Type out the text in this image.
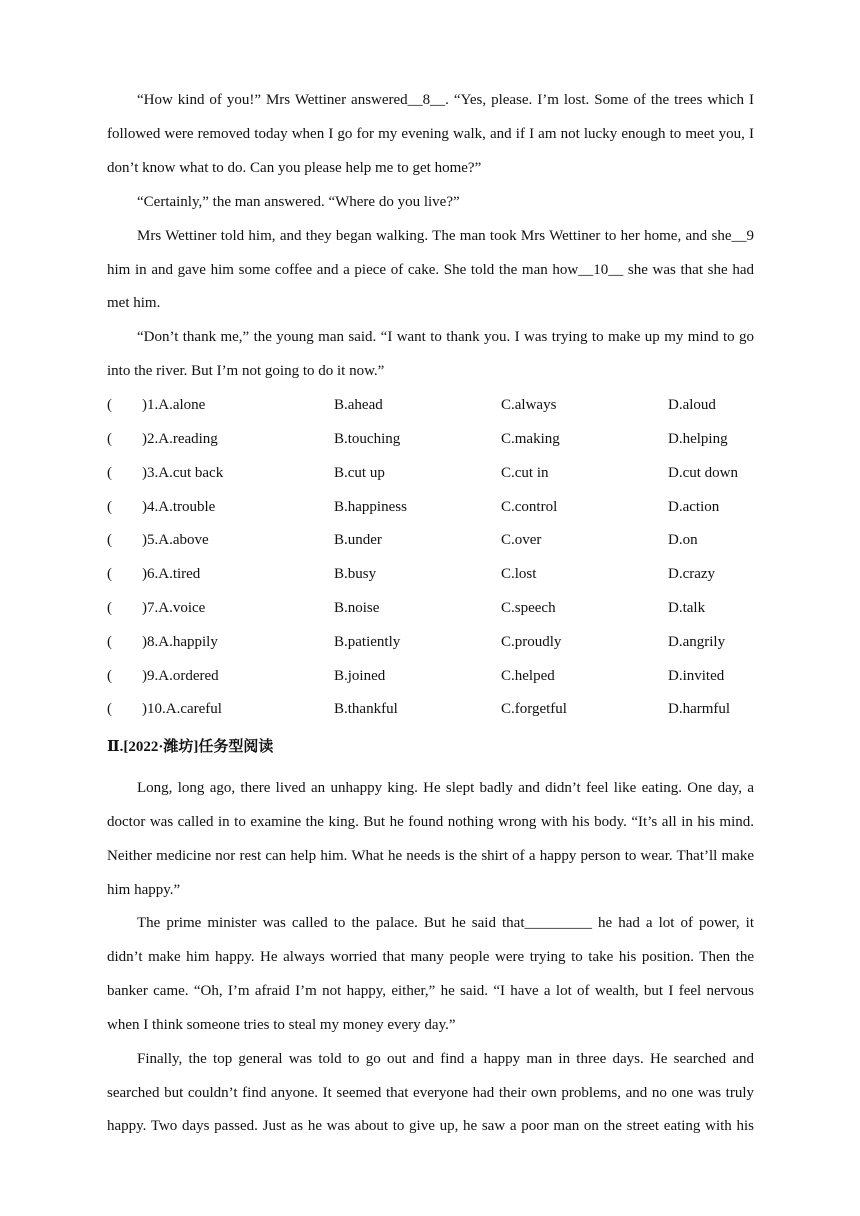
“How kind of you!” Mrs Wettiner answered__8__. “Yes, please. I’m lost. Some of the trees which I
followed were removed today when I go for my evening walk, and if I am not lucky enough to meet you, I
don’t know what to do. Can you please help me to get home?”
“Certainly,” the man answered. “Where do you live?”
Mrs Wettiner told him, and they began walking. The man took Mrs Wettiner to her home, and she__9
him in and gave him some coffee and a piece of cake. She told the man how__10__ she was that she had
met him.
“Don’t thank me,” the young man said. “I want to thank you. I was trying to make up my mind to go
into the river. But I’m not going to do it now.”
(　　)1.A.alone	B.ahead	C.always	D.aloud
(　　)2.A.reading	B.touching	C.making	D.helping
(　　)3.A.cut back	B.cut up	C.cut in	D.cut down
(　　)4.A.trouble	B.happiness	C.control	D.action
(　　)5.A.above	B.under	C.over	D.on
(　　)6.A.tired	B.busy	C.lost	D.crazy
(　　)7.A.voice	B.noise	C.speech	D.talk
(　　)8.A.happily	B.patiently	C.proudly	D.angrily
(　　)9.A.ordered	B.joined	C.helped	D.invited
(　　)10.A.careful	B.thankful	C.forgetful	D.harmful
Ⅱ.[2022·潍坊]任务型阅读
Long, long ago, there lived an unhappy king. He slept badly and didn’t feel like eating. One day, a
doctor was called in to examine the king. But he found nothing wrong with his body. “It’s all in his mind.
Neither medicine nor rest can help him. What he needs is the shirt of a happy person to wear. That’ll make
him happy.”
The prime minister was called to the palace. But he said that_________ he had a lot of power, it
didn’t make him happy. He always worried that many people were trying to take his position. Then the
banker came. “Oh, I’m afraid I’m not happy, either,” he said. “I have a lot of wealth, but I feel nervous
when I think someone tries to steal my money every day.”
Finally, the top general was told to go out and find a happy man in three days. He searched and
searched but couldn’t find anyone. It seemed that everyone had their own problems, and no one was truly
happy. Two days passed. Just as he was about to give up, he saw a poor man on the street eating with his
